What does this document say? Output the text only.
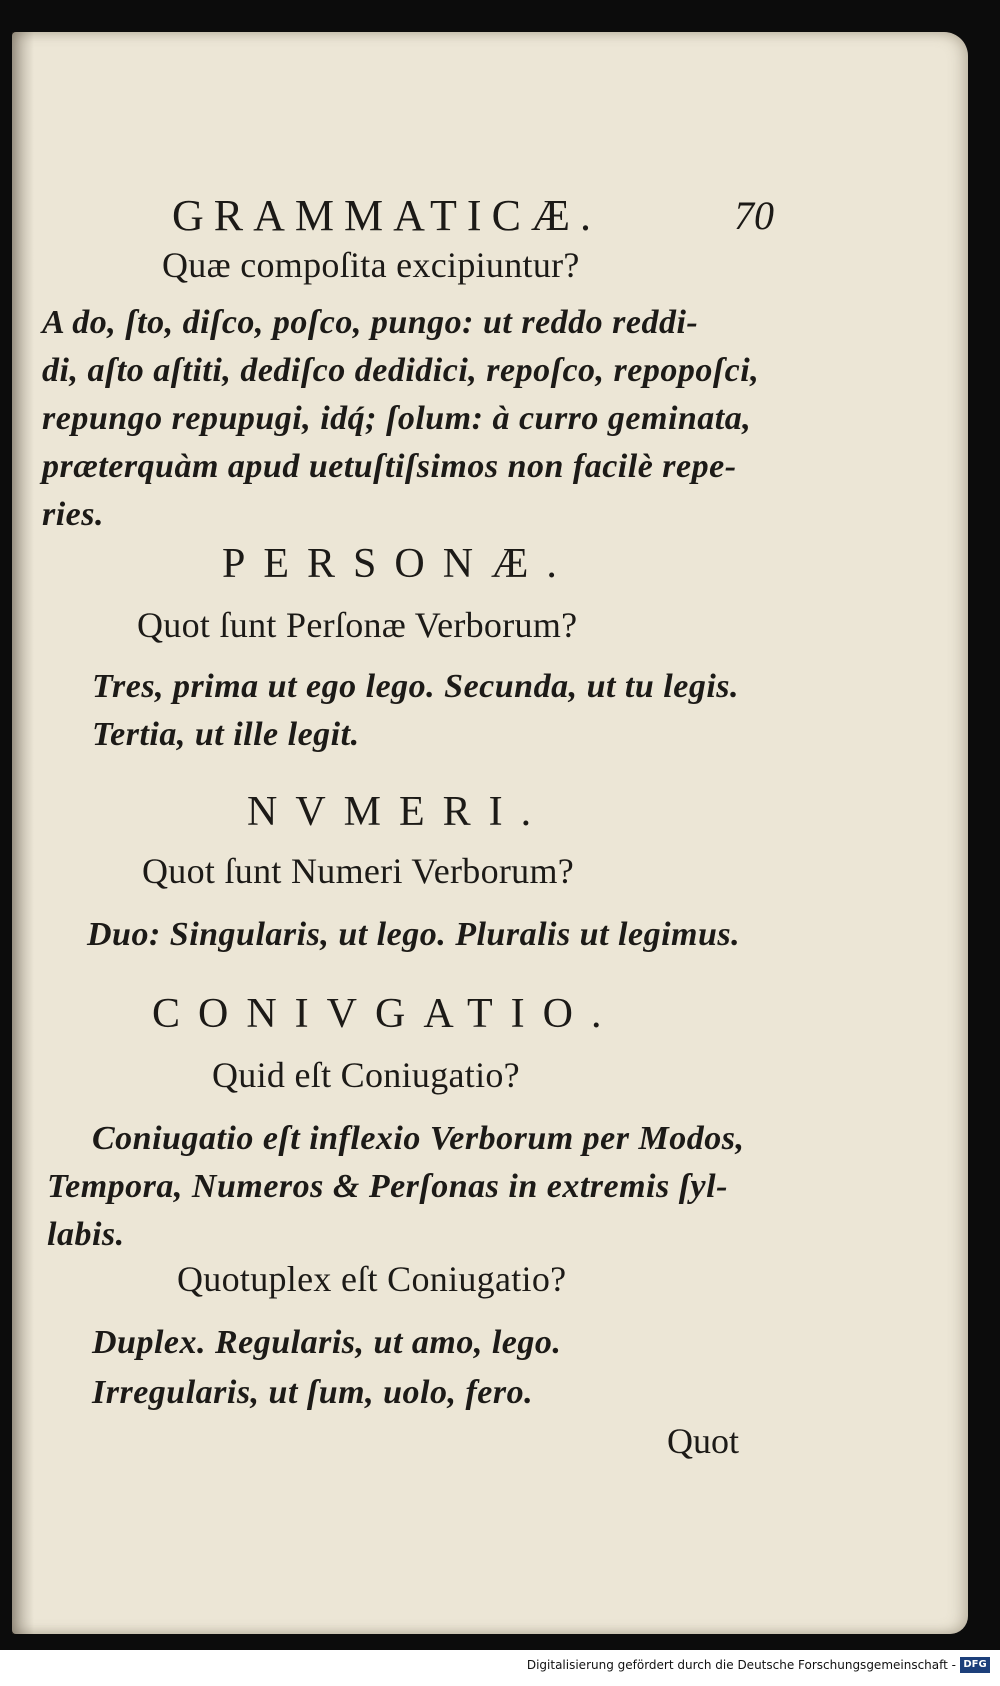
GRAMMATICÆ.	70
Quæ compoſita excipiuntur?
A do, ſto, diſco, poſco, pungo: ut reddo reddi-
di, aſto aſtiti, dediſco dedidici, repoſco, repopoſci,
repungo repupugi, idq́; ſolum: à curro geminata,
prӕterquàm apud uetuſtiſsimos non facilè repe-
ries.
PERSONÆ.
Quot ſunt Perſonæ Verborum?
Tres, prima ut ego lego. Secunda, ut tu legis.
Tertia, ut ille legit.
NVMERI.
Quot ſunt Numeri Verborum?
Duo: Singularis, ut lego. Pluralis ut legimus.
CONIVGATIO.
Quid eſt Coniugatio?
Coniugatio eſt inflexio Verborum per Modos,
Tempora, Numeros & Perſonas in extremis ſyl-
labis.
Quotuplex eſt Coniugatio?
Duplex. Regularis, ut amo, lego.
Irregularis, ut ſum, uolo, fero.
Quot
Digitalisierung gefördert durch die Deutsche Forschungsgemeinschaft - DFG
